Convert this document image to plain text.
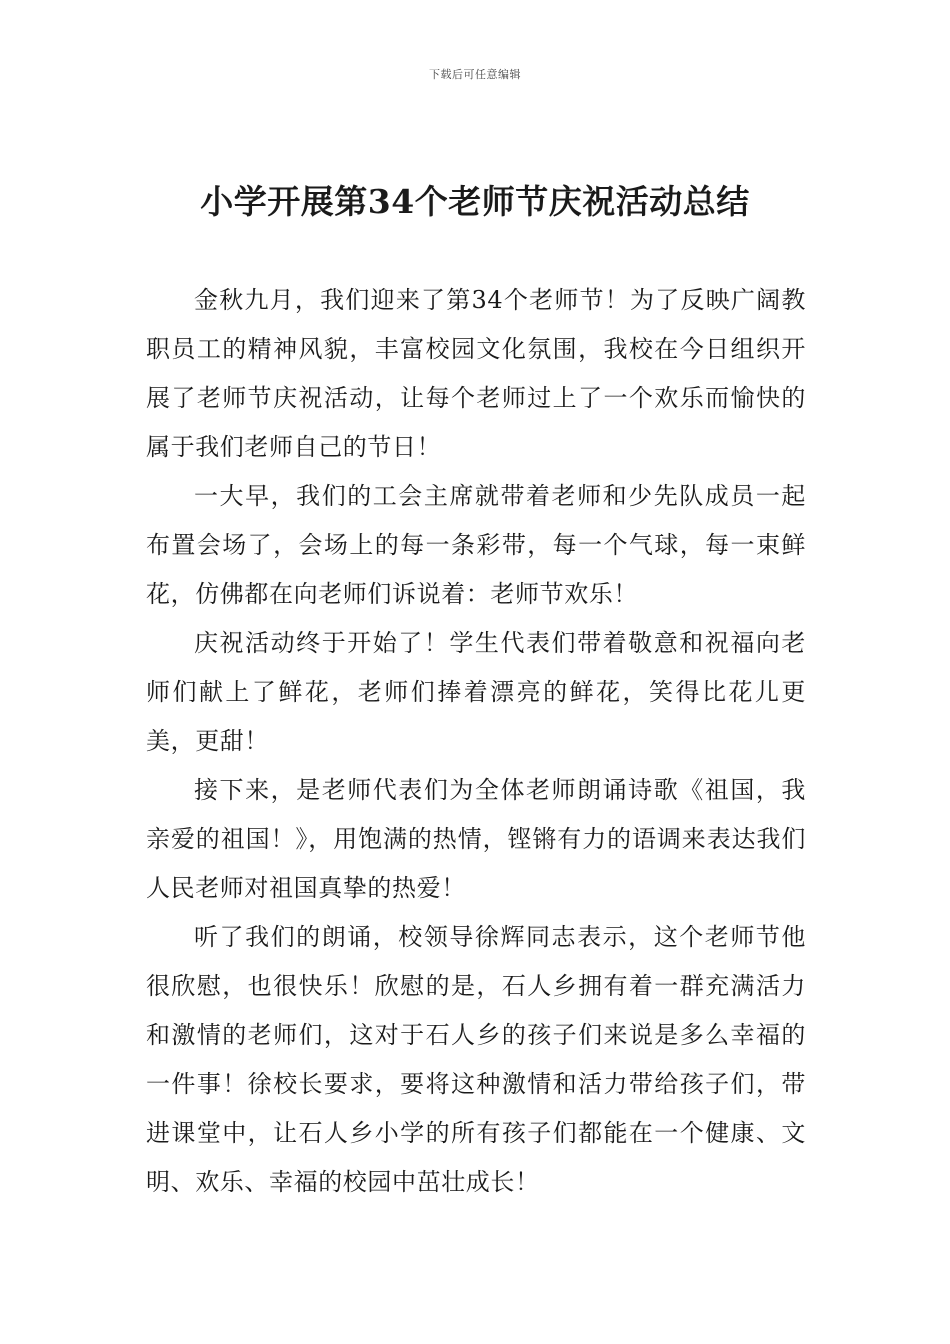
下载后可任意编辑
小学开展第34个老师节庆祝活动总结

金秋九月，我们迎来了第34个老师节！为了反映广阔教职员工的精神风貌，丰富校园文化氛围，我校在今日组织开展了老师节庆祝活动，让每个老师过上了一个欢乐而愉快的属于我们老师自己的节日！

一大早，我们的工会主席就带着老师和少先队成员一起布置会场了，会场上的每一条彩带，每一个气球，每一束鲜花，仿佛都在向老师们诉说着：老师节欢乐！

庆祝活动终于开始了！学生代表们带着敬意和祝福向老师们献上了鲜花，老师们捧着漂亮的鲜花，笑得比花儿更美，更甜！

接下来，是老师代表们为全体老师朗诵诗歌《祖国，我亲爱的祖国！》，用饱满的热情，铿锵有力的语调来表达我们人民老师对祖国真挚的热爱！

听了我们的朗诵，校领导徐辉同志表示，这个老师节他很欣慰，也很快乐！欣慰的是，石人乡拥有着一群充满活力和激情的老师们，这对于石人乡的孩子们来说是多么幸福的一件事！徐校长要求，要将这种激情和活力带给孩子们，带进课堂中，让石人乡小学的所有孩子们都能在一个健康、文明、欢乐、幸福的校园中茁壮成长！
